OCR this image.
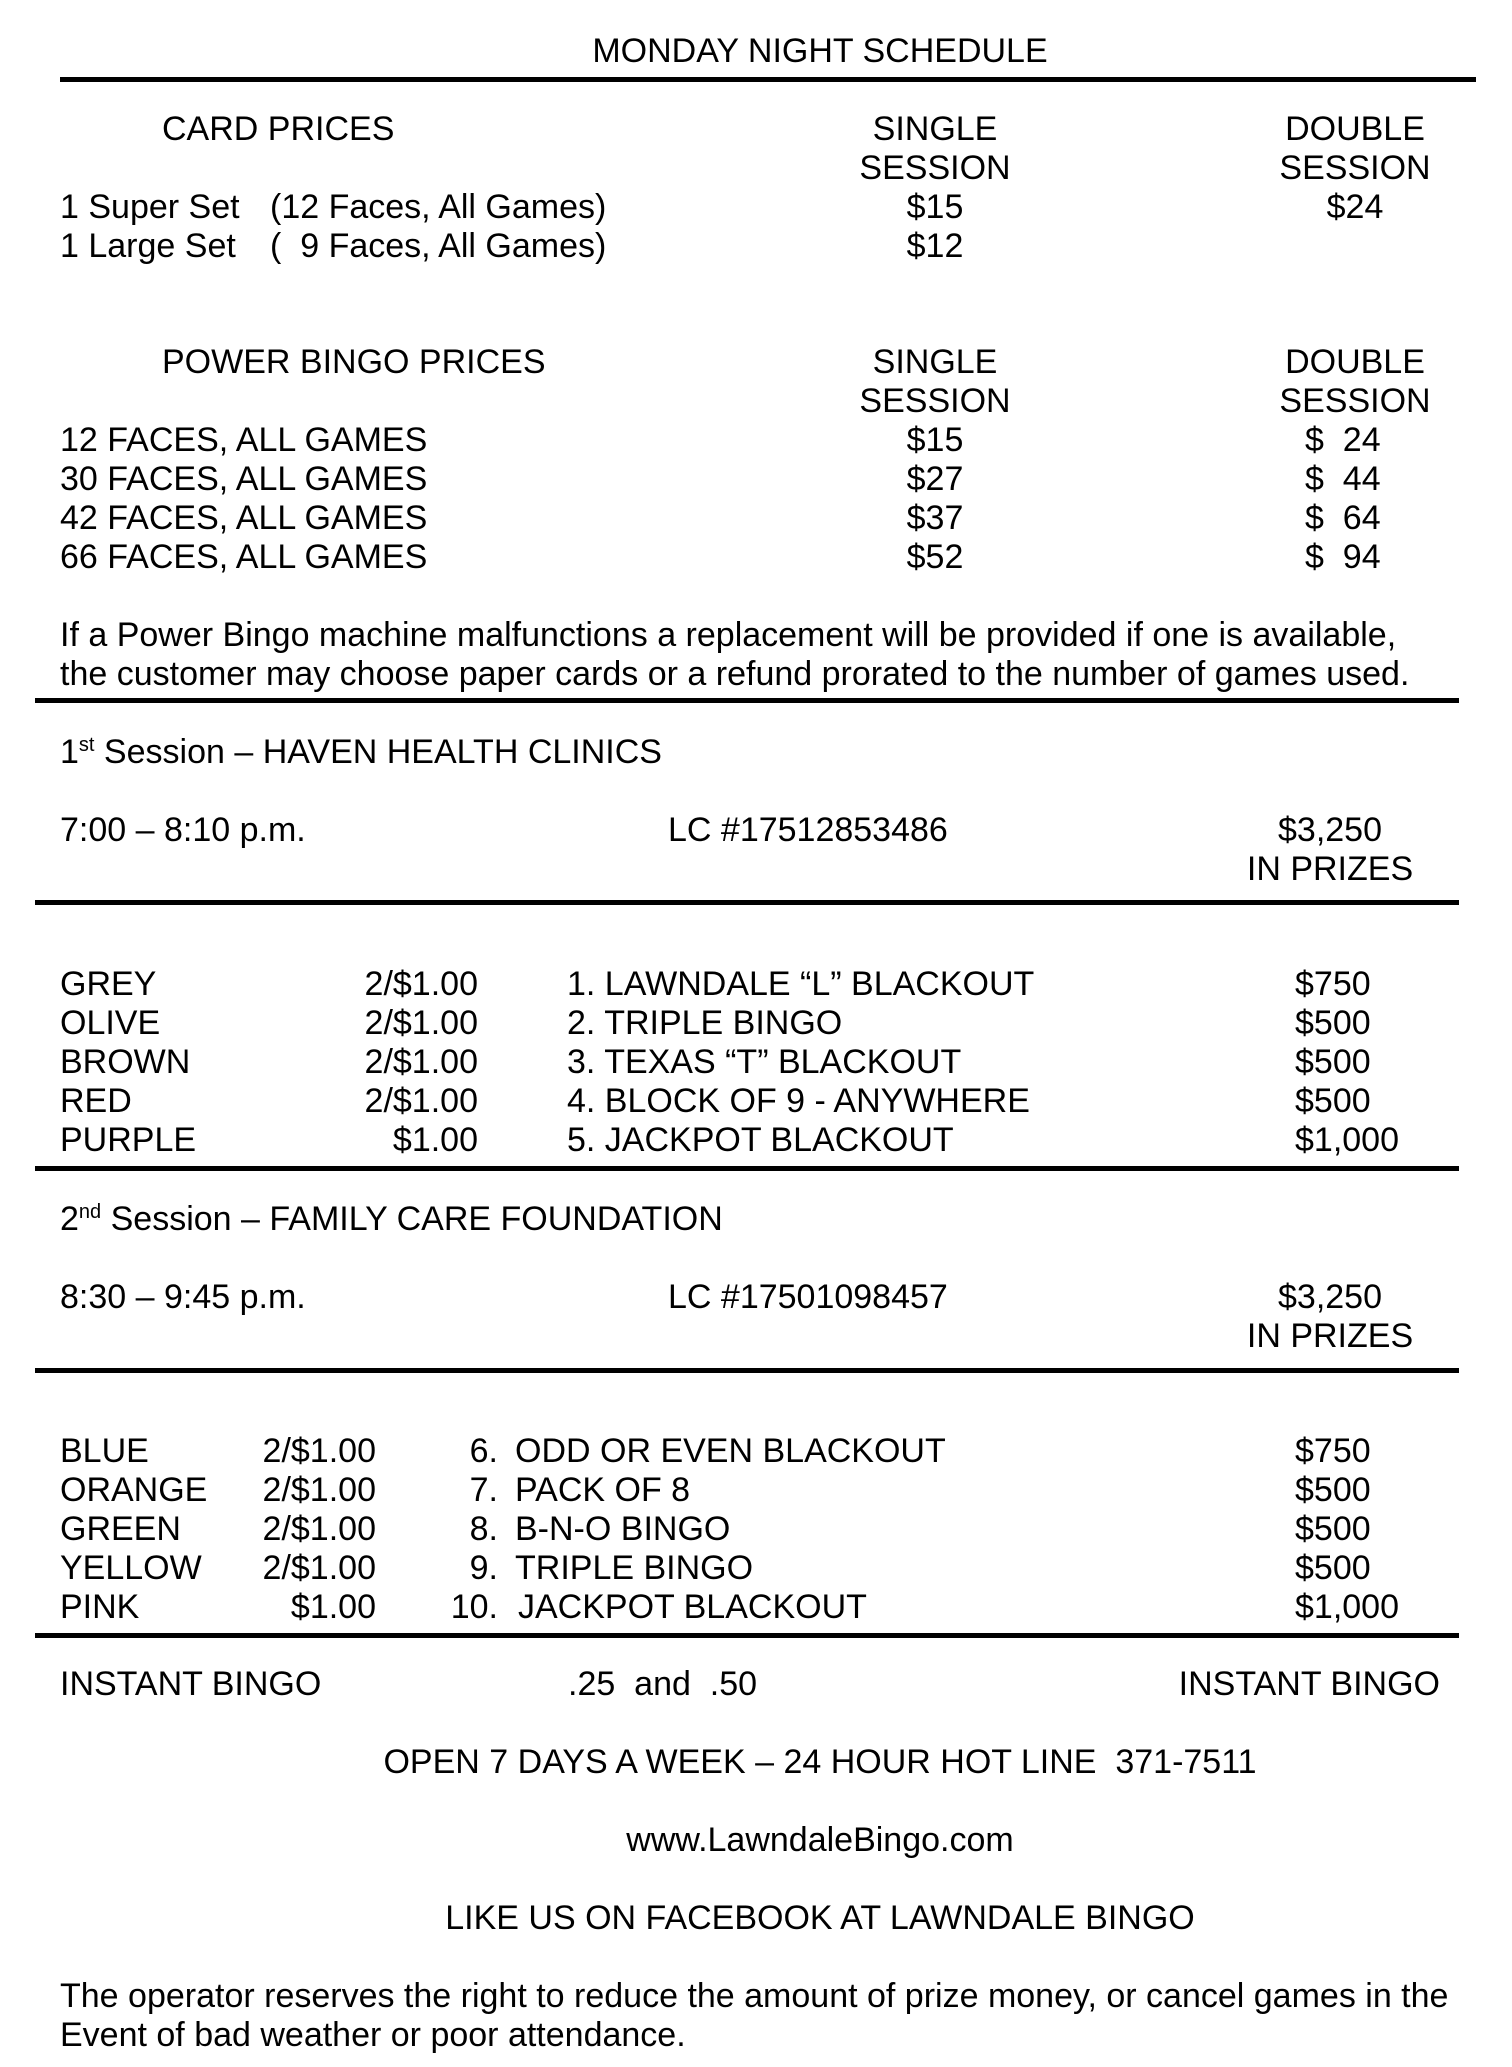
MONDAY NIGHT SCHEDULE
CARD PRICES	SINGLE
SESSION
DOUBLE
SESSION
1 Super Set (12 Faces, All Games)	$15	$24
1 Large Set (  9 Faces, All Games)	$12
POWER BINGO PRICES	SINGLE
SESSION
DOUBLE
SESSION
12 FACES, ALL GAMES	$15	$  24
30 FACES, ALL GAMES	$27	$  44
42 FACES, ALL GAMES	$37	$  64
66 FACES, ALL GAMES	$52	$  94
If a Power Bingo machine malfunctions a replacement will be provided if one is available,
the customer may choose paper cards or a refund prorated to the number of games used.
1st Session – HAVEN HEALTH CLINICS
7:00 – 8:10 p.m.	LC #17512853486	$3,250
IN PRIZES
GREY	2/$1.00	1. LAWNDALE “L” BLACKOUT	$750
OLIVE	2/$1.00	2. TRIPLE BINGO	$500
BROWN	2/$1.00	3. TEXAS “T” BLACKOUT	$500
RED	2/$1.00	4. BLOCK OF 9 - ANYWHERE	$500
PURPLE	$1.00	5. JACKPOT BLACKOUT	$1,000
2nd Session – FAMILY CARE FOUNDATION
8:30 – 9:45 p.m.	LC #17501098457	$3,250
IN PRIZES
BLUE	2/$1.00	6. ODD OR EVEN BLACKOUT	$750
ORANGE	2/$1.00	7. PACK OF 8	$500
GREEN	2/$1.00	8. B-N-O BINGO	$500
YELLOW	2/$1.00	9. TRIPLE BINGO	$500
PINK	$1.00	10. JACKPOT BLACKOUT	$1,000
INSTANT BINGO	.25  and  .50	INSTANT BINGO
OPEN 7 DAYS A WEEK – 24 HOUR HOT LINE  371-7511
www.LawndaleBingo.com
LIKE US ON FACEBOOK AT LAWNDALE BINGO
The operator reserves the right to reduce the amount of prize money, or cancel games in the
Event of bad weather or poor attendance.
